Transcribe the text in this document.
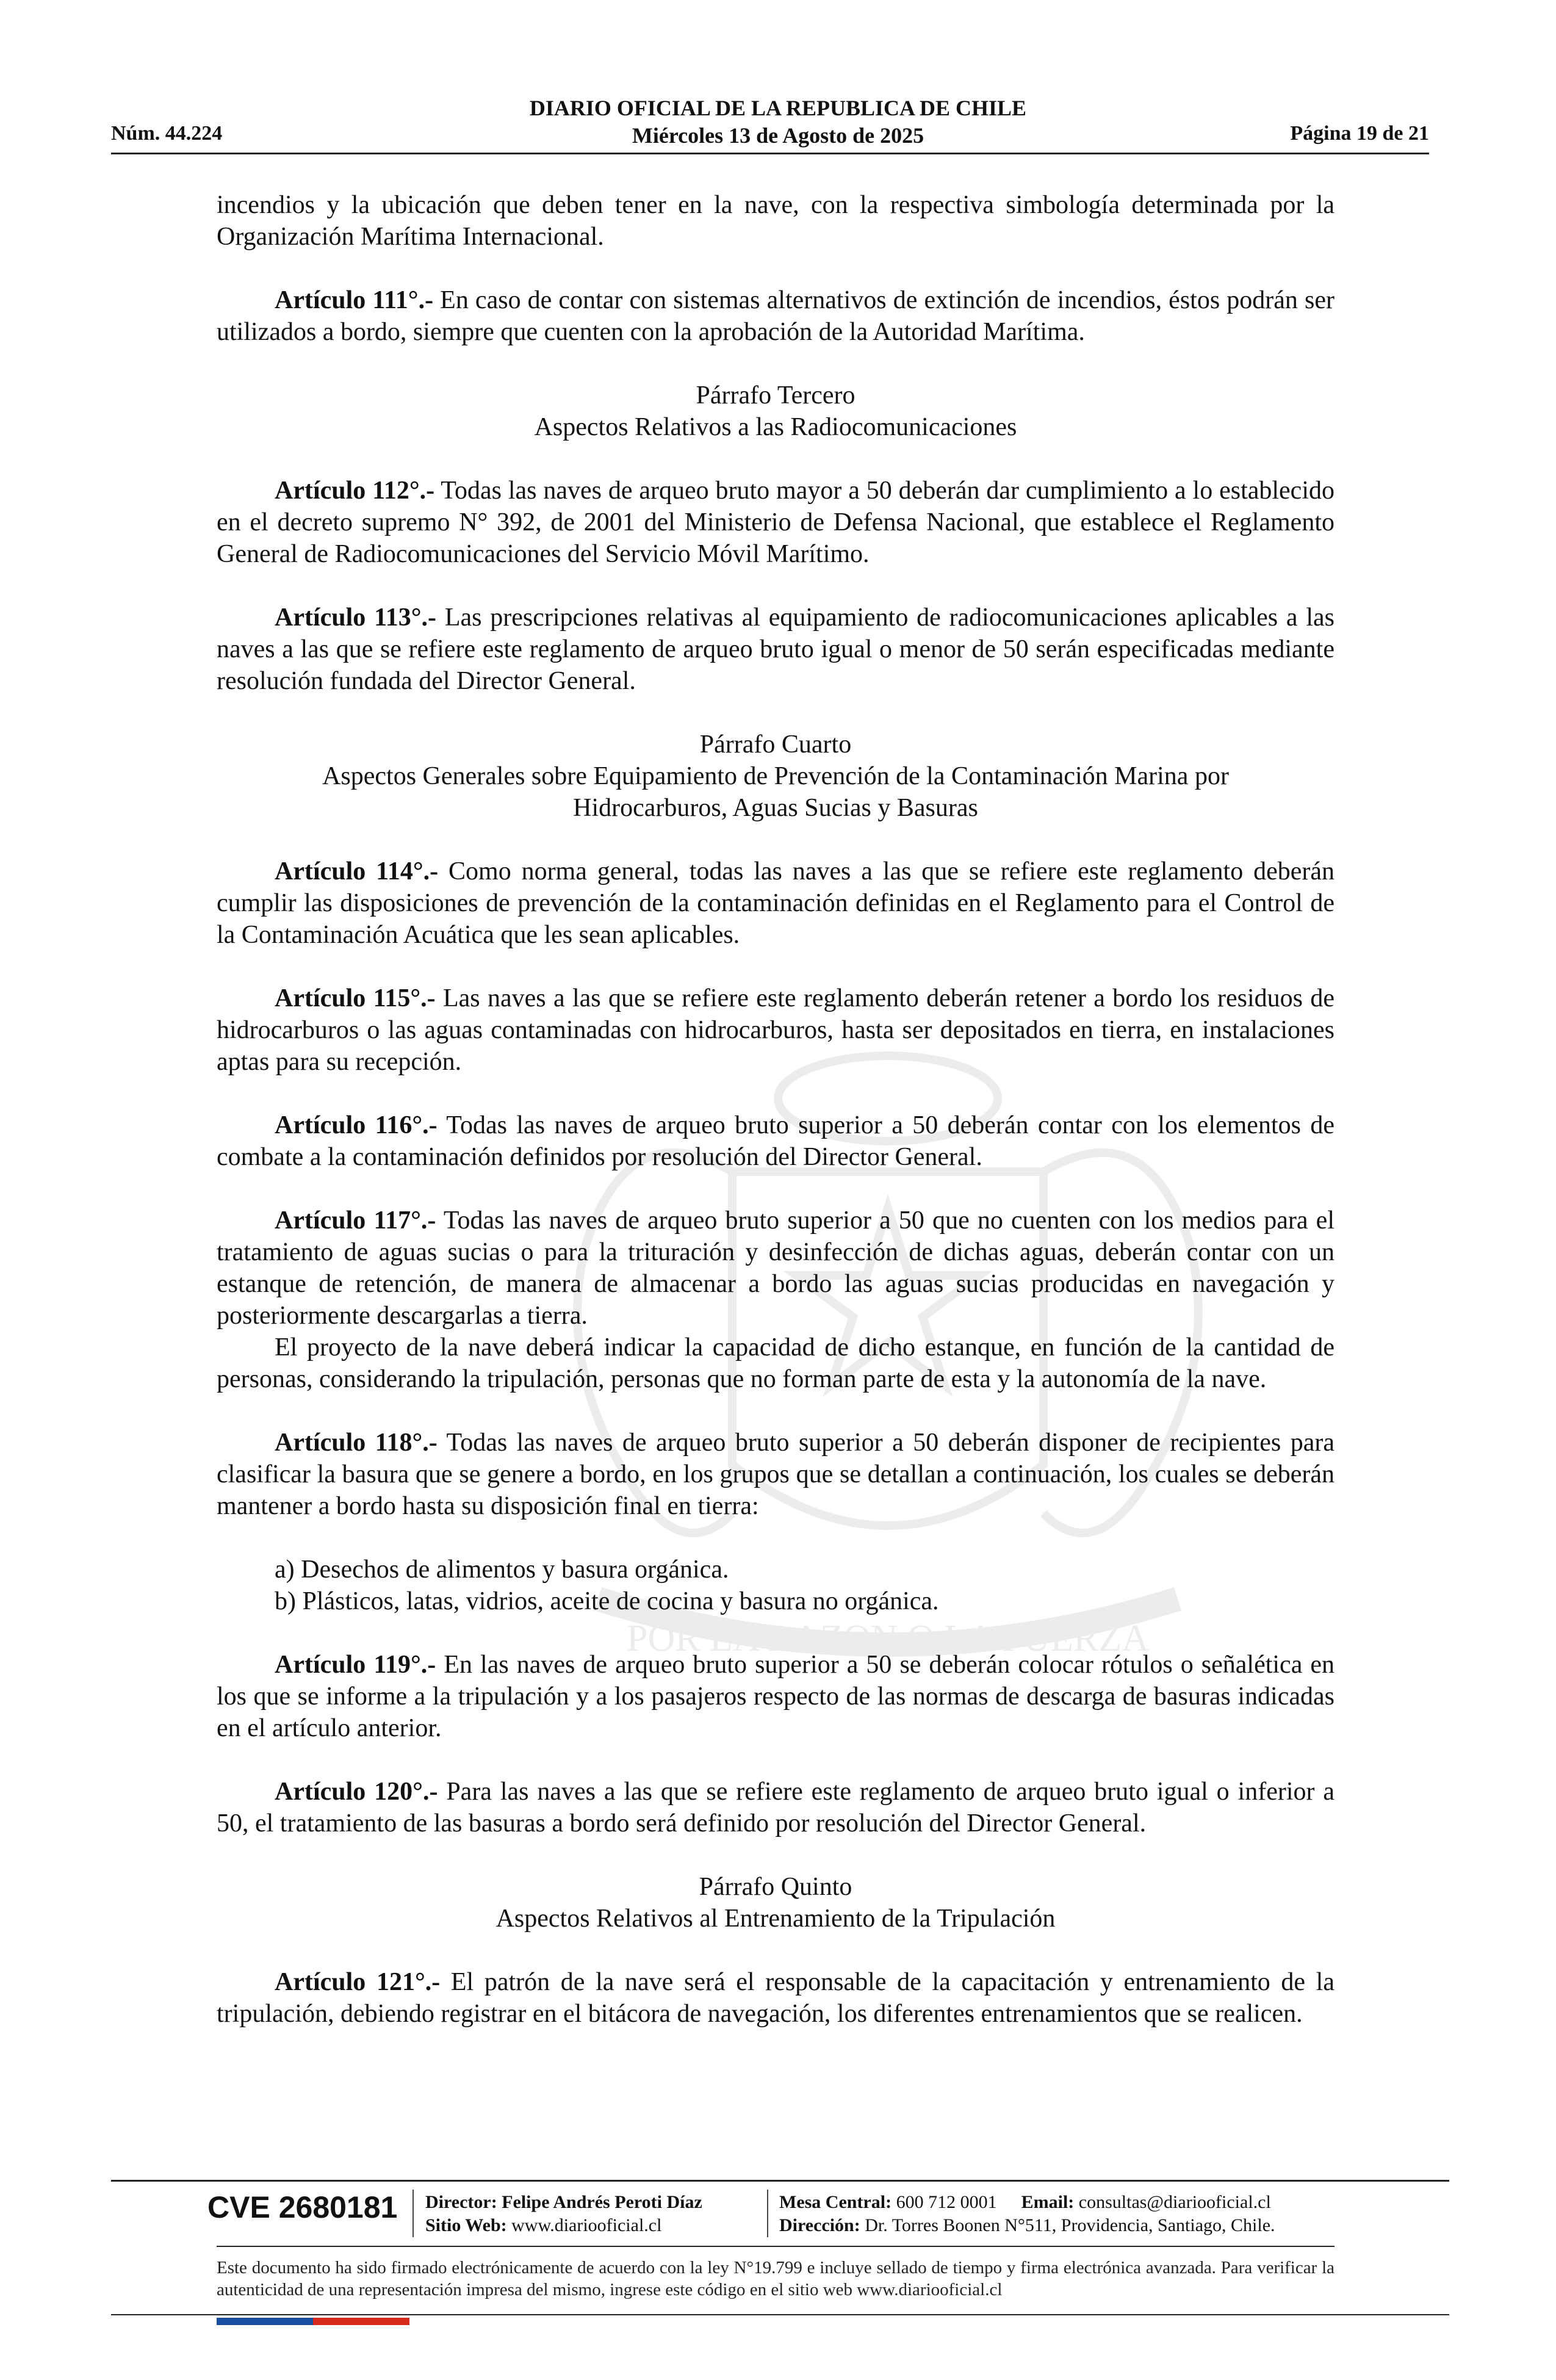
POR LA RAZON O LA FUERZA
Núm. 44.224
DIARIO OFICIAL DE LA REPUBLICA DE CHILE
Miércoles 13 de Agosto de 2025	Página 19 de 21

incendios y la ubicación que deben tener en la nave, con la respectiva simbología determinada por la Organización Marítima Internacional.

Artículo 111°.- En caso de contar con sistemas alternativos de extinción de incendios, éstos podrán ser utilizados a bordo, siempre que cuenten con la aprobación de la Autoridad Marítima.

Párrafo Tercero

Aspectos Relativos a las Radiocomunicaciones

Artículo 112°.- Todas las naves de arqueo bruto mayor a 50 deberán dar cumplimiento a lo establecido en el decreto supremo N° 392, de 2001 del Ministerio de Defensa Nacional, que establece el Reglamento General de Radiocomunicaciones del Servicio Móvil Marítimo.

Artículo 113°.- Las prescripciones relativas al equipamiento de radiocomunicaciones aplicables a las naves a las que se refiere este reglamento de arqueo bruto igual o menor de 50 serán especificadas mediante resolución fundada del Director General.

Párrafo Cuarto

Aspectos Generales sobre Equipamiento de Prevención de la Contaminación Marina por

Hidrocarburos, Aguas Sucias y Basuras

Artículo 114°.- Como norma general, todas las naves a las que se refiere este reglamento deberán cumplir las disposiciones de prevención de la contaminación definidas en el Reglamento para el Control de la Contaminación Acuática que les sean aplicables.

Artículo 115°.- Las naves a las que se refiere este reglamento deberán retener a bordo los residuos de hidrocarburos o las aguas contaminadas con hidrocarburos, hasta ser depositados en tierra, en instalaciones aptas para su recepción.

Artículo 116°.- Todas las naves de arqueo bruto superior a 50 deberán contar con los elementos de combate a la contaminación definidos por resolución del Director General.

Artículo 117°.- Todas las naves de arqueo bruto superior a 50 que no cuenten con los medios para el tratamiento de aguas sucias o para la trituración y desinfección de dichas aguas, deberán contar con un estanque de retención, de manera de almacenar a bordo las aguas sucias producidas en navegación y posteriormente descargarlas a tierra.

El proyecto de la nave deberá indicar la capacidad de dicho estanque, en función de la cantidad de personas, considerando la tripulación, personas que no forman parte de esta y la autonomía de la nave.

Artículo 118°.- Todas las naves de arqueo bruto superior a 50 deberán disponer de recipientes para clasificar la basura que se genere a bordo, en los grupos que se detallan a continuación, los cuales se deberán mantener a bordo hasta su disposición final en tierra:

a) Desechos de alimentos y basura orgánica.

b) Plásticos, latas, vidrios, aceite de cocina y basura no orgánica.

Artículo 119°.- En las naves de arqueo bruto superior a 50 se deberán colocar rótulos o señalética en los que se informe a la tripulación y a los pasajeros respecto de las normas de descarga de basuras indicadas en el artículo anterior.

Artículo 120°.- Para las naves a las que se refiere este reglamento de arqueo bruto igual o inferior a 50, el tratamiento de las basuras a bordo será definido por resolución del Director General.

Párrafo Quinto

Aspectos Relativos al Entrenamiento de la Tripulación

Artículo 121°.- El patrón de la nave será el responsable de la capacitación y entrenamiento de la tripulación, debiendo registrar en el bitácora de navegación, los diferentes entrenamientos que se realicen.

CVE 2680181 Director: Felipe Andrés Peroti Díaz
Sitio Web: www.diariooficial.cl
Mesa Central: 600 712 0001 Email: consultas@diariooficial.cl
Dirección: Dr. Torres Boonen N°511, Providencia, Santiago, Chile.
Este documento ha sido firmado electrónicamente de acuerdo con la ley N°19.799 e incluye sellado de tiempo y firma electrónica avanzada. Para verificar la autenticidad de una representación impresa del mismo, ingrese este código en el sitio web www.diariooficial.cl
